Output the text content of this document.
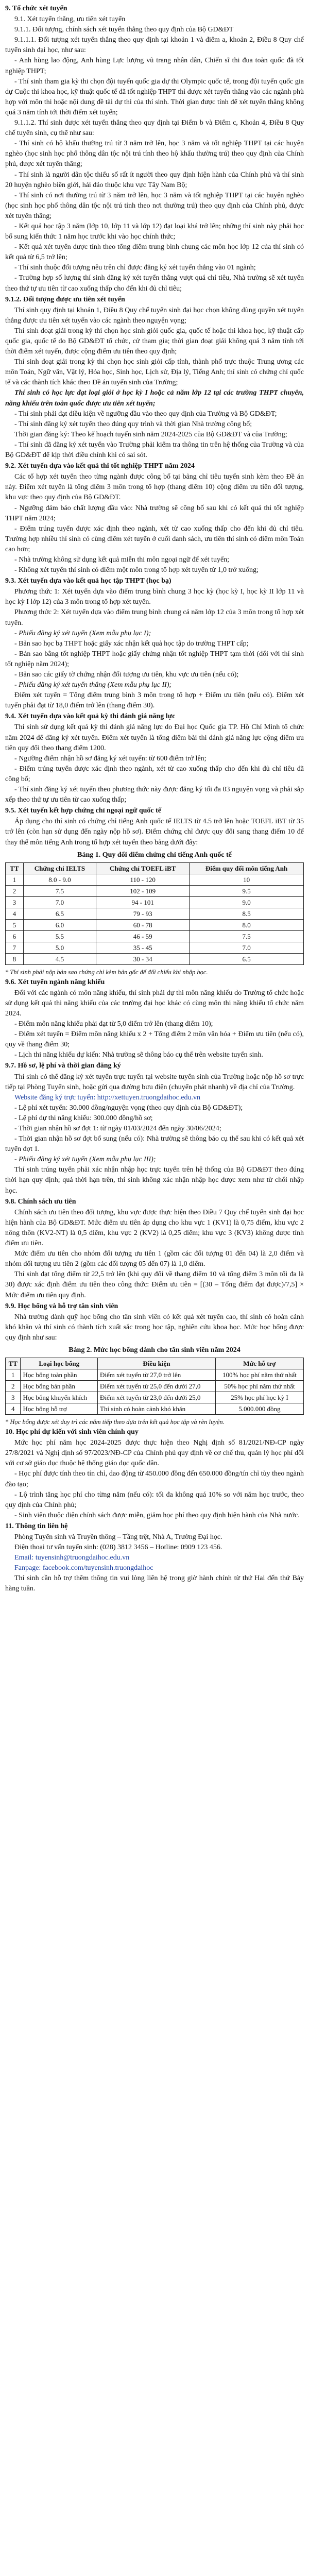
9. Tổ chức xét tuyển

9.1. Xét tuyển thẳng, ưu tiên xét tuyển

9.1.1. Đối tượng, chính sách xét tuyển thẳng theo quy định của Bộ GD&ĐT

9.1.1.1. Đối tượng xét tuyển thẳng theo quy định tại khoản 1 và điểm a, khoản 2, Điều 8 Quy chế tuyển sinh đại học, như sau:

- Anh hùng lao động, Anh hùng Lực lượng vũ trang nhân dân, Chiến sĩ thi đua toàn quốc đã tốt nghiệp THPT;

- Thí sinh tham gia kỳ thi chọn đội tuyển quốc gia dự thi Olympic quốc tế, trong đội tuyển quốc gia dự Cuộc thi khoa học, kỹ thuật quốc tế đã tốt nghiệp THPT thì được xét tuyển thẳng vào các ngành phù hợp với môn thi hoặc nội dung đề tài dự thi của thí sinh. Thời gian được tính để xét tuyển thẳng không quá 3 năm tính tới thời điểm xét tuyển;

9.1.1.2. Thí sinh được xét tuyển thẳng theo quy định tại Điểm b và Điểm c, Khoản 4, Điều 8 Quy chế tuyển sinh, cụ thể như sau:

- Thí sinh có hộ khẩu thường trú từ 3 năm trở lên, học 3 năm và tốt nghiệp THPT tại các huyện nghèo (học sinh học phổ thông dân tộc nội trú tính theo hộ khẩu thường trú) theo quy định của Chính phủ, được xét tuyển thẳng;

- Thí sinh là người dân tộc thiểu số rất ít người theo quy định hiện hành của Chính phủ và thí sinh 20 huyện nghèo biên giới, hải đảo thuộc khu vực Tây Nam Bộ;

- Thí sinh có nơi thường trú từ 3 năm trở lên, học 3 năm và tốt nghiệp THPT tại các huyện nghèo (học sinh học phổ thông dân tộc nội trú tính theo nơi thường trú) theo quy định của Chính phủ, được xét tuyển thẳng;

- Kết quả học tập 3 năm (lớp 10, lớp 11 và lớp 12) đạt loại khá trở lên; những thí sinh này phải học bổ sung kiến thức 1 năm học trước khi vào học chính thức;

- Kết quả xét tuyển được tính theo tổng điểm trung bình chung các môn học lớp 12 của thí sinh có kết quả từ 6,5 trở lên;

- Thí sinh thuộc đối tượng nêu trên chỉ được đăng ký xét tuyển thẳng vào 01 ngành;

- Trường hợp số lượng thí sinh đăng ký xét tuyển thẳng vượt quá chỉ tiêu, Nhà trường sẽ xét tuyển theo thứ tự ưu tiên từ cao xuống thấp cho đến khi đủ chỉ tiêu;

9.1.2. Đối tượng được ưu tiên xét tuyển

Thí sinh quy định tại khoản 1, Điều 8 Quy chế tuyển sinh đại học chọn không dùng quyền xét tuyển thẳng được ưu tiên xét tuyển vào các ngành theo nguyện vọng;

Thí sinh đoạt giải trong kỳ thi chọn học sinh giỏi quốc gia, quốc tế hoặc thi khoa học, kỹ thuật cấp quốc gia, quốc tế do Bộ GD&ĐT tổ chức, cử tham gia; thời gian đoạt giải không quá 3 năm tính tới thời điểm xét tuyển, được cộng điểm ưu tiên theo quy định;

Thí sinh đoạt giải trong kỳ thi chọn học sinh giỏi cấp tỉnh, thành phố trực thuộc Trung ương các môn Toán, Ngữ văn, Vật lý, Hóa học, Sinh học, Lịch sử, Địa lý, Tiếng Anh; thí sinh có chứng chỉ quốc tế và các thành tích khác theo Đề án tuyển sinh của Trường;

Thí sinh có học lực đạt loại giỏi ở học kỳ I hoặc cả năm lớp 12 tại các trường THPT chuyên, năng khiếu trên toàn quốc được ưu tiên xét tuyển;

- Thí sinh phải đạt điều kiện về ngưỡng đầu vào theo quy định của Trường và Bộ GD&ĐT;

- Thí sinh đăng ký xét tuyển theo đúng quy trình và thời gian Nhà trường công bố;

Thời gian đăng ký: Theo kế hoạch tuyển sinh năm 2024-2025 của Bộ GD&ĐT và của Trường;

- Thí sinh đã đăng ký xét tuyển vào Trường phải kiểm tra thông tin trên hệ thống của Trường và của Bộ GD&ĐT để kịp thời điều chỉnh khi có sai sót.

9.2. Xét tuyển dựa vào kết quả thi tốt nghiệp THPT năm 2024

Các tổ hợp xét tuyển theo từng ngành được công bố tại bảng chỉ tiêu tuyển sinh kèm theo Đề án này. Điểm xét tuyển là tổng điểm 3 môn trong tổ hợp (thang điểm 10) cộng điểm ưu tiên đối tượng, khu vực theo quy định của Bộ GD&ĐT.

- Ngưỡng đảm bảo chất lượng đầu vào: Nhà trường sẽ công bố sau khi có kết quả thi tốt nghiệp THPT năm 2024;

- Điểm trúng tuyển được xác định theo ngành, xét từ cao xuống thấp cho đến khi đủ chỉ tiêu. Trường hợp nhiều thí sinh có cùng điểm xét tuyển ở cuối danh sách, ưu tiên thí sinh có điểm môn Toán cao hơn;

- Nhà trường không sử dụng kết quả miễn thi môn ngoại ngữ để xét tuyển;

- Không xét tuyển thí sinh có điểm một môn trong tổ hợp xét tuyển từ 1,0 trở xuống;

9.3. Xét tuyển dựa vào kết quả học tập THPT (học bạ)

Phương thức 1: Xét tuyển dựa vào điểm trung bình chung 3 học kỳ (học kỳ I, học kỳ II lớp 11 và học kỳ I lớp 12) của 3 môn trong tổ hợp xét tuyển.

Phương thức 2: Xét tuyển dựa vào điểm trung bình chung cả năm lớp 12 của 3 môn trong tổ hợp xét tuyển.

- Phiếu đăng ký xét tuyển (Xem mẫu phụ lục I);

- Bản sao học bạ THPT hoặc giấy xác nhận kết quả học tập do trường THPT cấp;

- Bản sao bằng tốt nghiệp THPT hoặc giấy chứng nhận tốt nghiệp THPT tạm thời (đối với thí sinh tốt nghiệp năm 2024);

- Bản sao các giấy tờ chứng nhận đối tượng ưu tiên, khu vực ưu tiên (nếu có);

- Phiếu đăng ký xét tuyển thẳng (Xem mẫu phụ lục II);

Điểm xét tuyển = Tổng điểm trung bình 3 môn trong tổ hợp + Điểm ưu tiên (nếu có). Điểm xét tuyển phải đạt từ 18,0 điểm trở lên (thang điểm 30).

9.4. Xét tuyển dựa vào kết quả kỳ thi đánh giá năng lực

Thí sinh sử dụng kết quả kỳ thi đánh giá năng lực do Đại học Quốc gia TP. Hồ Chí Minh tổ chức năm 2024 để đăng ký xét tuyển. Điểm xét tuyển là tổng điểm bài thi đánh giá năng lực cộng điểm ưu tiên quy đổi theo thang điểm 1200.

- Ngưỡng điểm nhận hồ sơ đăng ký xét tuyển: từ 600 điểm trở lên;

- Điểm trúng tuyển được xác định theo ngành, xét từ cao xuống thấp cho đến khi đủ chỉ tiêu đã công bố;

- Thí sinh đăng ký xét tuyển theo phương thức này được đăng ký tối đa 03 nguyện vọng và phải sắp xếp theo thứ tự ưu tiên từ cao xuống thấp;

9.5. Xét tuyển kết hợp chứng chỉ ngoại ngữ quốc tế

Áp dụng cho thí sinh có chứng chỉ tiếng Anh quốc tế IELTS từ 4.5 trở lên hoặc TOEFL iBT từ 35 trở lên (còn hạn sử dụng đến ngày nộp hồ sơ). Điểm chứng chỉ được quy đổi sang thang điểm 10 để thay thế môn tiếng Anh trong tổ hợp xét tuyển theo bảng dưới đây:

Bảng 1. Quy đổi điểm chứng chỉ tiếng Anh quốc tế
TT	Chứng chỉ IELTS	Chứng chỉ TOEFL iBT	Điểm quy đổi môn tiếng Anh
1	8.0 - 9.0	110 - 120	10
2	7.5	102 - 109	9.5
3	7.0	94 - 101	9.0
4	6.5	79 - 93	8.5
5	6.0	60 - 78	8.0
6	5.5	46 - 59	7.5
7	5.0	35 - 45	7.0
8	4.5	30 - 34	6.5

* Thí sinh phải nộp bản sao chứng chỉ kèm bản gốc để đối chiếu khi nhập học.

9.6. Xét tuyển ngành năng khiếu

Đối với các ngành có môn năng khiếu, thí sinh phải dự thi môn năng khiếu do Trường tổ chức hoặc sử dụng kết quả thi năng khiếu của các trường đại học khác có cùng môn thi năng khiếu tổ chức năm 2024.

- Điểm môn năng khiếu phải đạt từ 5,0 điểm trở lên (thang điểm 10);

- Điểm xét tuyển = Điểm môn năng khiếu x 2 + Tổng điểm 2 môn văn hóa + Điểm ưu tiên (nếu có), quy về thang điểm 30;

- Lịch thi năng khiếu dự kiến: Nhà trường sẽ thông báo cụ thể trên website tuyển sinh.

9.7. Hồ sơ, lệ phí và thời gian đăng ký

Thí sinh có thể đăng ký xét tuyển trực tuyến tại website tuyển sinh của Trường hoặc nộp hồ sơ trực tiếp tại Phòng Tuyển sinh, hoặc gửi qua đường bưu điện (chuyển phát nhanh) về địa chỉ của Trường.

Website đăng ký trực tuyến: http://xettuyen.truongdaihoc.edu.vn

- Lệ phí xét tuyển: 30.000 đồng/nguyện vọng (theo quy định của Bộ GD&ĐT);

- Lệ phí dự thi năng khiếu: 300.000 đồng/hồ sơ;

- Thời gian nhận hồ sơ đợt 1: từ ngày 01/03/2024 đến ngày 30/06/2024;

- Thời gian nhận hồ sơ đợt bổ sung (nếu có): Nhà trường sẽ thông báo cụ thể sau khi có kết quả xét tuyển đợt 1.

- Phiếu đăng ký xét tuyển (Xem mẫu phụ lục III);

Thí sinh trúng tuyển phải xác nhận nhập học trực tuyến trên hệ thống của Bộ GD&ĐT theo đúng thời hạn quy định; quá thời hạn trên, thí sinh không xác nhận nhập học được xem như từ chối nhập học.

9.8. Chính sách ưu tiên

Chính sách ưu tiên theo đối tượng, khu vực được thực hiện theo Điều 7 Quy chế tuyển sinh đại học hiện hành của Bộ GD&ĐT. Mức điểm ưu tiên áp dụng cho khu vực 1 (KV1) là 0,75 điểm, khu vực 2 nông thôn (KV2-NT) là 0,5 điểm, khu vực 2 (KV2) là 0,25 điểm; khu vực 3 (KV3) không được tính điểm ưu tiên.

Mức điểm ưu tiên cho nhóm đối tượng ưu tiên 1 (gồm các đối tượng 01 đến 04) là 2,0 điểm và nhóm đối tượng ưu tiên 2 (gồm các đối tượng 05 đến 07) là 1,0 điểm.

Thí sinh đạt tổng điểm từ 22,5 trở lên (khi quy đổi về thang điểm 10 và tổng điểm 3 môn tối đa là 30) được xác định điểm ưu tiên theo công thức: Điểm ưu tiên = [(30 – Tổng điểm đạt được)/7,5] × Mức điểm ưu tiên quy định.

9.9. Học bổng và hỗ trợ tân sinh viên

Nhà trường dành quỹ học bổng cho tân sinh viên có kết quả xét tuyển cao, thí sinh có hoàn cảnh khó khăn và thí sinh có thành tích xuất sắc trong học tập, nghiên cứu khoa học. Mức học bổng được quy định như sau:

Bảng 2. Mức học bổng dành cho tân sinh viên năm 2024
TT	Loại học bổng	Điều kiện	Mức hỗ trợ
1	Học bổng toàn phần	Điểm xét tuyển từ 27,0 trở lên	100% học phí năm thứ nhất
2	Học bổng bán phần	Điểm xét tuyển từ 25,0 đến dưới 27,0	50% học phí năm thứ nhất
3	Học bổng khuyến khích	Điểm xét tuyển từ 23,0 đến dưới 25,0	25% học phí học kỳ I
4	Học bổng hỗ trợ	Thí sinh có hoàn cảnh khó khăn	5.000.000 đồng

* Học bổng được xét duy trì các năm tiếp theo dựa trên kết quả học tập và rèn luyện.

10. Học phí dự kiến với sinh viên chính quy

Mức học phí năm học 2024-2025 được thực hiện theo Nghị định số 81/2021/NĐ-CP ngày 27/8/2021 và Nghị định số 97/2023/NĐ-CP của Chính phủ quy định về cơ chế thu, quản lý học phí đối với cơ sở giáo dục thuộc hệ thống giáo dục quốc dân.

- Học phí được tính theo tín chỉ, dao động từ 450.000 đồng đến 650.000 đồng/tín chỉ tùy theo ngành đào tạo;

- Lộ trình tăng học phí cho từng năm (nếu có): tối đa không quá 10% so với năm học trước, theo quy định của Chính phủ;

- Sinh viên thuộc diện chính sách được miễn, giảm học phí theo quy định hiện hành của Nhà nước.

11. Thông tin liên hệ

Phòng Tuyển sinh và Truyền thông – Tầng trệt, Nhà A, Trường Đại học.

Điện thoại tư vấn tuyển sinh: (028) 3812 3456 – Hotline: 0909 123 456.

Email: tuyensinh@truongdaihoc.edu.vn

Fanpage: facebook.com/tuyensinh.truongdaihoc

Thí sinh cần hỗ trợ thêm thông tin vui lòng liên hệ trong giờ hành chính từ thứ Hai đến thứ Bảy hàng tuần.
